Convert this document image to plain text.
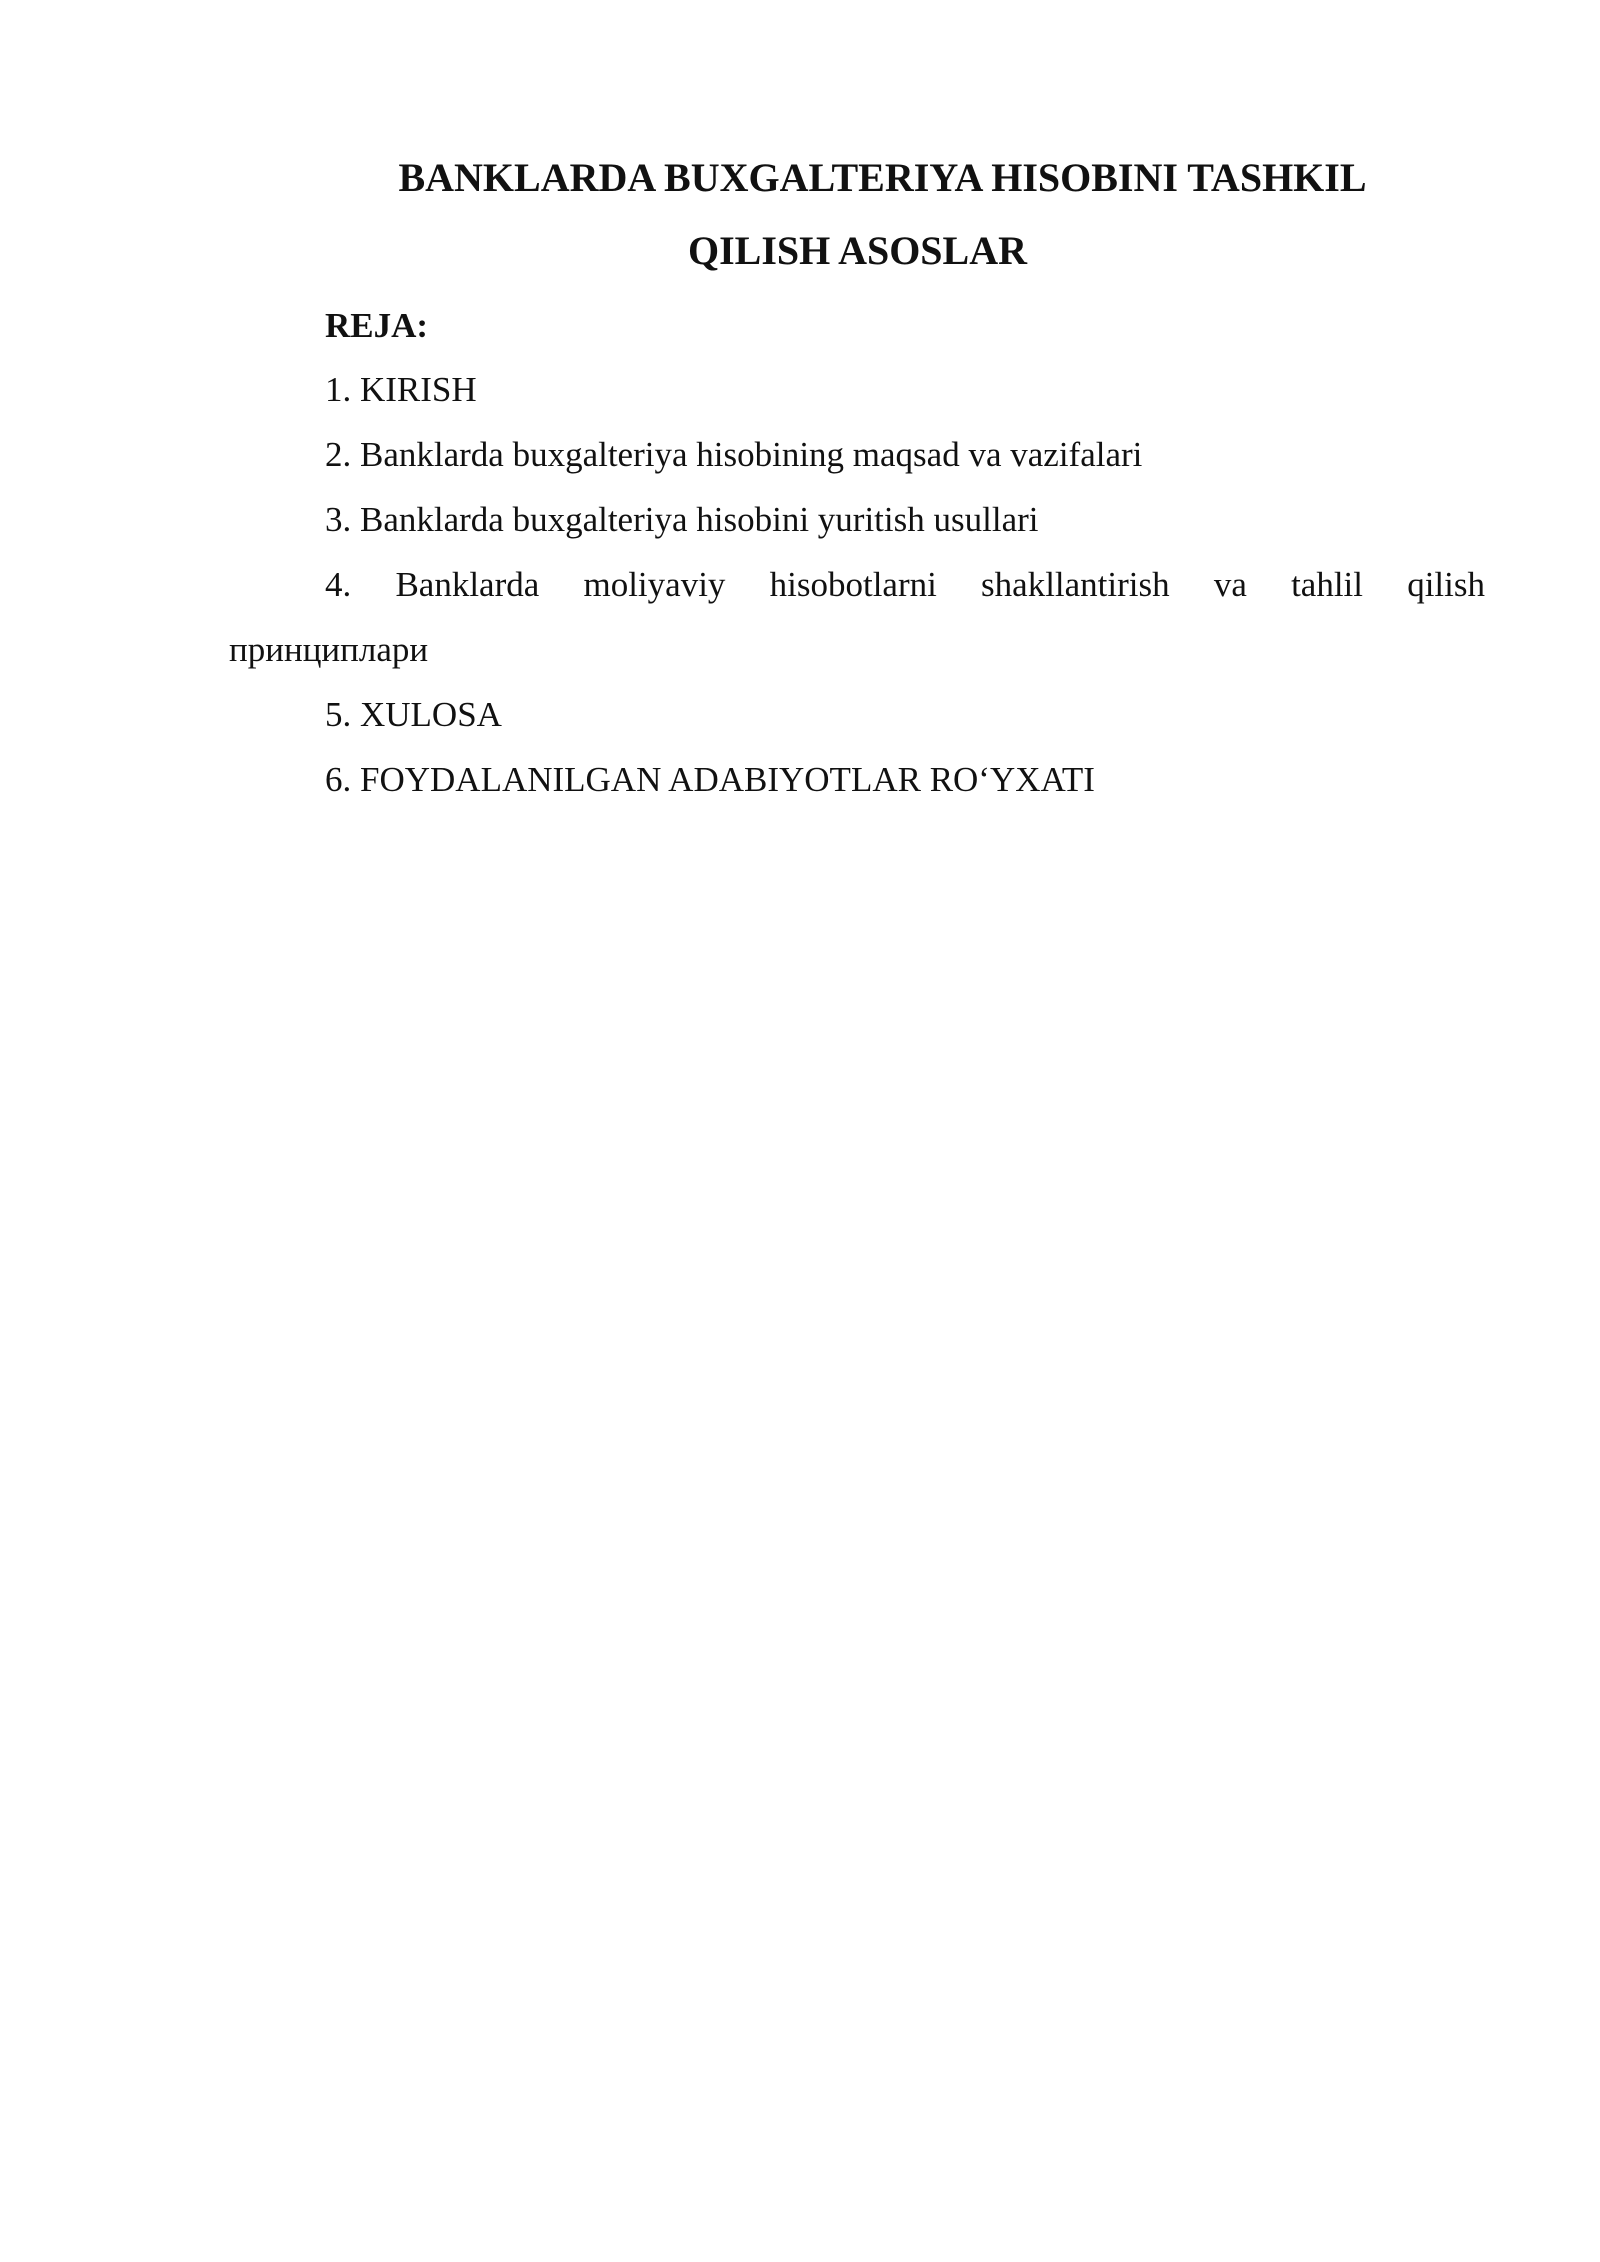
BANKLARDA BUXGALTERIYA HISOBINI TASHKIL

QILISH ASOSLAR

REJA:

1. KIRISH

2. Banklarda buxgalteriya hisobining maqsad va vazifalari

3. Banklarda buxgalteriya hisobini yuritish usullari

4. Banklarda moliyaviy hisobotlarni shakllantirish va tahlil qilish

принциплари

5. XULOSA

6. FOYDALANILGAN ADABIYOTLAR RO‘YXATI
